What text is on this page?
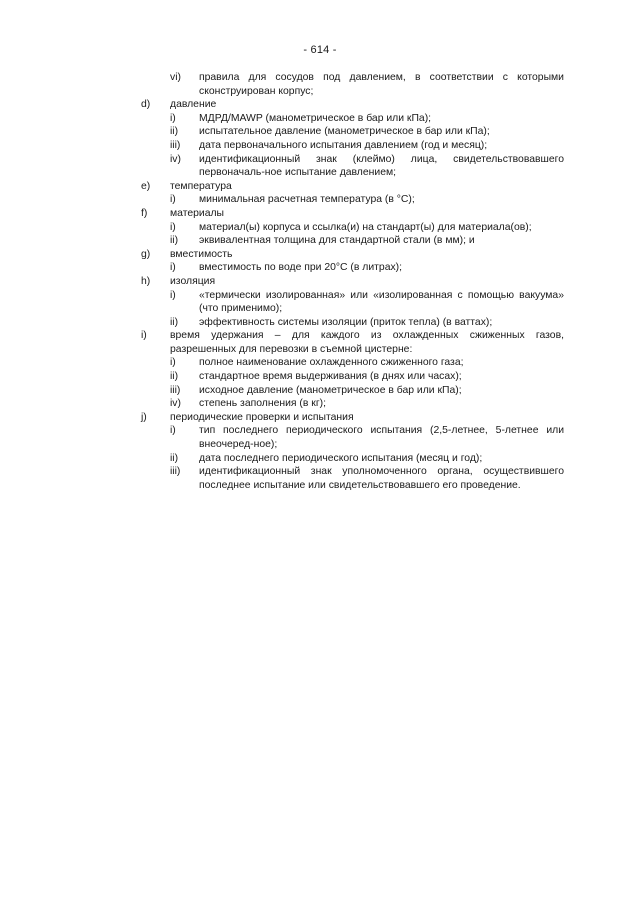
- 614 -
vi) правила для сосудов под давлением, в соответствии с которыми сконструирован корпус;
d) давление
i) МДРД/MAWP (манометрическое в бар или кПа);
ii) испытательное давление (манометрическое в бар или кПа);
iii) дата первоначального испытания давлением (год и месяц);
iv) идентификационный знак (клеймо) лица, свидетельствовавшего первоначаль-ное испытание давлением;
e) температура
i) минимальная расчетная температура (в °C);
f) материалы
i) материал(ы) корпуса и ссылка(и) на стандарт(ы) для материала(ов);
ii) эквивалентная толщина для стандартной стали (в мм); и
g) вместимость
i) вместимость по воде при 20°C (в литрах);
h) изоляция
i) «термически изолированная» или «изолированная с помощью вакуума» (что применимо);
ii) эффективность системы изоляции (приток тепла) (в ваттах);
i) время удержания – для каждого из охлажденных сжиженных газов, разрешенных для перевозки в съемной цистерне:
i) полное наименование охлажденного сжиженного газа;
ii) стандартное время выдерживания (в днях или часах);
iii) исходное давление (манометрическое в бар или кПа);
iv) степень заполнения (в кг);
j) периодические проверки и испытания
i) тип последнего периодического испытания (2,5-летнее, 5-летнее или внеочеред-ное);
ii) дата последнего периодического испытания (месяц и год);
iii) идентификационный знак уполномоченного органа, осуществившего последнее испытание или свидетельствовавшего его проведение.
